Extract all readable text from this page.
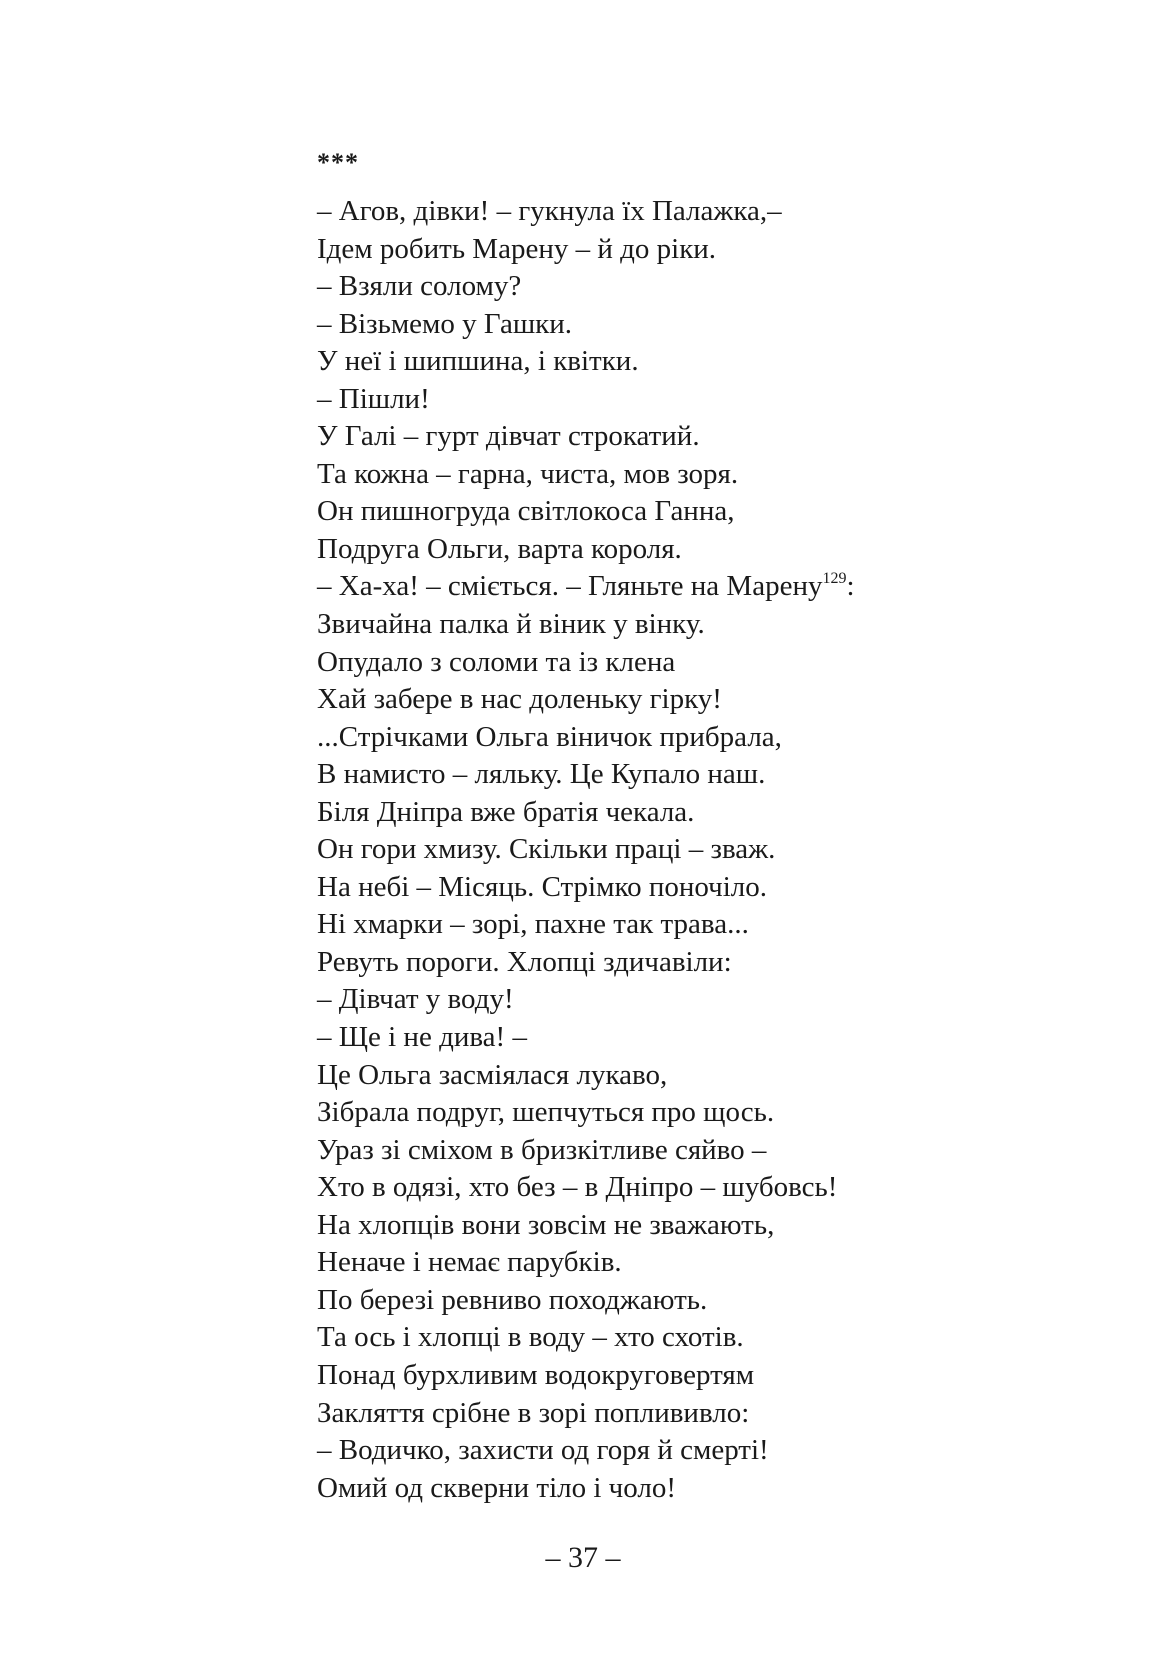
***
– Агов, дівки! – гукнула їх Палажка,–
Ідем робить Марену – й до ріки.
– Взяли солому?
– Візьмемо у Гашки.
У неї і шипшина, і квітки.
– Пішли!
У Галі – гурт дівчат строкатий.
Та кожна – гарна, чиста, мов зоря.
Он пишногруда світлокоса Ганна,
Подруга Ольги, варта короля.
– Ха-ха! – сміється. – Гляньте на Марену$^{129}$:
Звичайна палка й віник у вінку.
Опудало з соломи та із клена
Хай забере в нас доленьку гірку!
...Стрічками Ольга віничок прибрала,
В намисто – ляльку. Це Купало наш.
Біля Дніпра вже братія чекала.
Он гори хмизу. Скільки праці – зваж.
На небі – Місяць. Стрімко поночіло.
Ні хмарки – зорі, пахне так трава...
Ревуть пороги. Хлопці здичавіли:
– Дівчат у воду!
– Ще і не дива! –
Це Ольга засміялася лукаво,
Зібрала подруг, шепчуться про щось.
Ураз зі сміхом в бризкітливе сяйво –
Хто в одязі, хто без – в Дніпро – шубовсь!
На хлопців вони зовсім не зважають,
Неначе і немає парубків.
По березі ревниво походжають.
Та ось і хлопці в воду – хто схотів.
Понад бурхливим водокруговертям
Закляття срібне в зорі поплививло:
– Водичко, захисти од горя й смерті!
Омий од скверни тіло і чоло!
– 37 –
